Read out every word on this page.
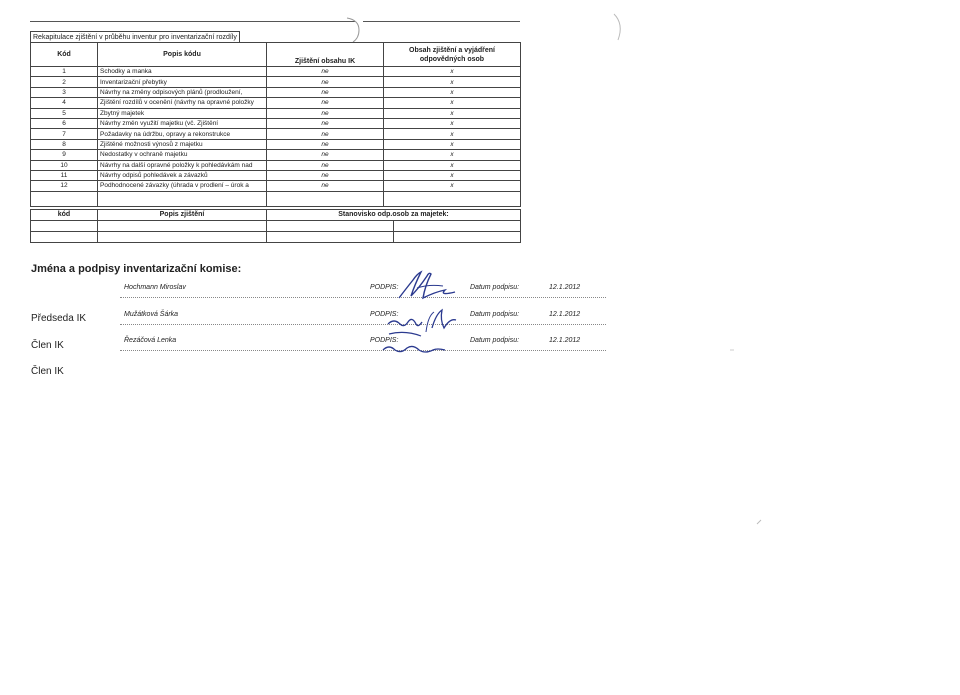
Rekapitulace zjištění v průběhu inventur pro inventarizační rozdíly
Kód	Popis kódu	Zjištění obsahu IK	Obsah zjištění a vyjádření odpovědných osob
1	Schodky a manka	ne	x
2	Inventarizační přebytky	ne	x
3	Návrhy na změny odpisových plánů (prodloužení,	ne	x
4	Zjištění rozdílů v ocenění (návrhy na opravné položky	ne	x
5	Zbytný majetek	ne	x
6	Návrhy změn využití majetku (vč. Zjištění	ne	x
7	Požadavky na údržbu, opravy a rekonstrukce	ne	x
8	Zjištěné možnosti výnosů z majetku	ne	x
9	Nedostatky v ochraně majetku	ne	x
10	Návrhy na další opravné položky k pohledávkám nad	ne	x
11	Návrhy odpisů pohledávek a závazků	ne	x
12	Podhodnocené závazky (úhrada v prodlení – úrok a	ne	x

kód	Popis zjištění	Stanovisko odp.osob za majetek:

Jména a podpisy inventarizační komise:
Předseda IK
Hochmann Miroslav	PODPIS:	Datum podpisu:	12.1.2012
Člen IK
Mužátková Šárka	PODPIS:	Datum podpisu:	12.1.2012
Člen IK
Řezáčová Lenka	PODPIS:	Datum podpisu:	12.1.2012
